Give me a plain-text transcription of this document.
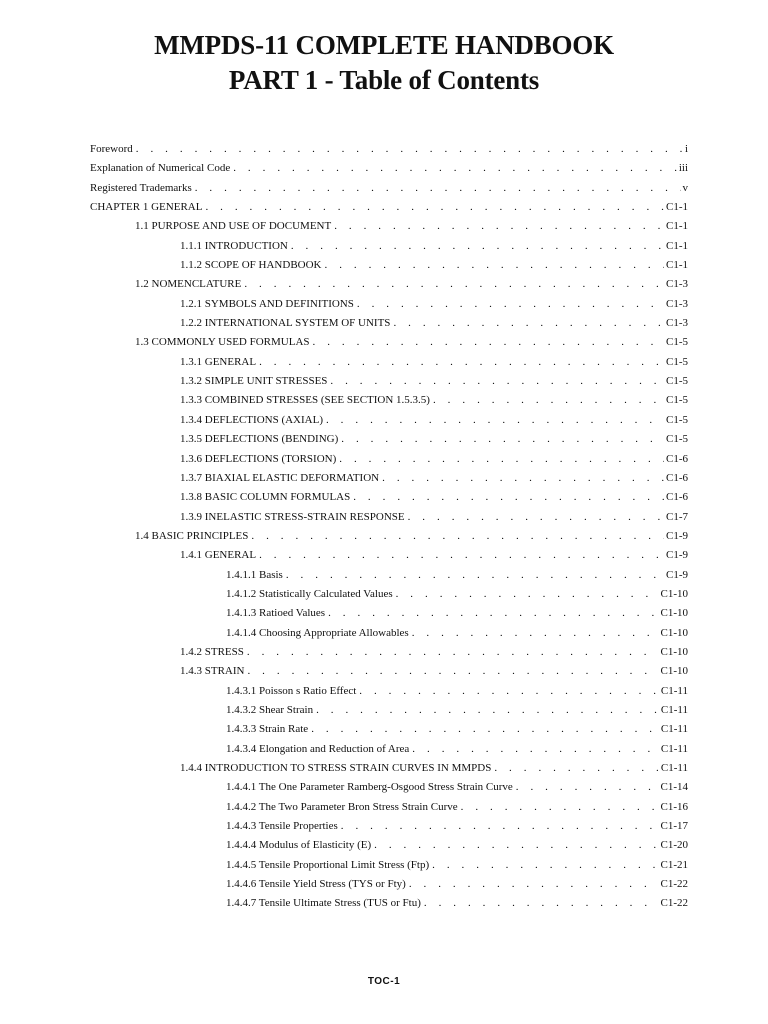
MMPDS-11 COMPLETE HANDBOOK
PART 1 - Table of Contents
Foreword . . .	i
Explanation of Numerical Code . . .	iii
Registered Trademarks . . .	v
CHAPTER 1 GENERAL . . .	C1-1
1.1 PURPOSE AND USE OF DOCUMENT . . .	C1-1
1.1.1 INTRODUCTION . . .	C1-1
1.1.2 SCOPE OF HANDBOOK . . .	C1-1
1.2 NOMENCLATURE . . .	C1-3
1.2.1 SYMBOLS AND DEFINITIONS . . .	C1-3
1.2.2 INTERNATIONAL SYSTEM OF UNITS . . .	C1-3
1.3 COMMONLY USED FORMULAS . . .	C1-5
1.3.1 GENERAL . . .	C1-5
1.3.2 SIMPLE UNIT STRESSES . . .	C1-5
1.3.3 COMBINED STRESSES (SEE SECTION 1.5.3.5) . . .	C1-5
1.3.4 DEFLECTIONS (AXIAL) . . .	C1-5
1.3.5 DEFLECTIONS (BENDING) . . .	C1-5
1.3.6 DEFLECTIONS (TORSION) . . .	C1-6
1.3.7 BIAXIAL ELASTIC DEFORMATION . . .	C1-6
1.3.8 BASIC COLUMN FORMULAS . . .	C1-6
1.3.9 INELASTIC STRESS-STRAIN RESPONSE . . .	C1-7
1.4 BASIC PRINCIPLES . . .	C1-9
1.4.1 GENERAL . . .	C1-9
1.4.1.1 Basis . . .	C1-9
1.4.1.2 Statistically Calculated Values . . .	C1-10
1.4.1.3 Ratioed Values . . .	C1-10
1.4.1.4 Choosing Appropriate Allowables . . .	C1-10
1.4.2 STRESS . . .	C1-10
1.4.3 STRAIN . . .	C1-10
1.4.3.1 Poisson s Ratio Effect . . .	C1-11
1.4.3.2 Shear Strain . . .	C1-11
1.4.3.3 Strain Rate . . .	C1-11
1.4.3.4 Elongation and Reduction of Area . . .	C1-11
1.4.4 INTRODUCTION TO STRESS STRAIN CURVES IN MMPDS . . .	C1-11
1.4.4.1 The One Parameter Ramberg-Osgood Stress Strain Curve . . .	C1-14
1.4.4.2 The Two Parameter Bron Stress Strain Curve . . .	C1-16
1.4.4.3 Tensile Properties . . .	C1-17
1.4.4.4 Modulus of Elasticity (E) . . .	C1-20
1.4.4.5 Tensile Proportional Limit Stress (Ftp) . . .	C1-21
1.4.4.6 Tensile Yield Stress (TYS or Fty) . . .	C1-22
1.4.4.7 Tensile Ultimate Stress (TUS or Ftu) . . .	C1-22
TOC-1
